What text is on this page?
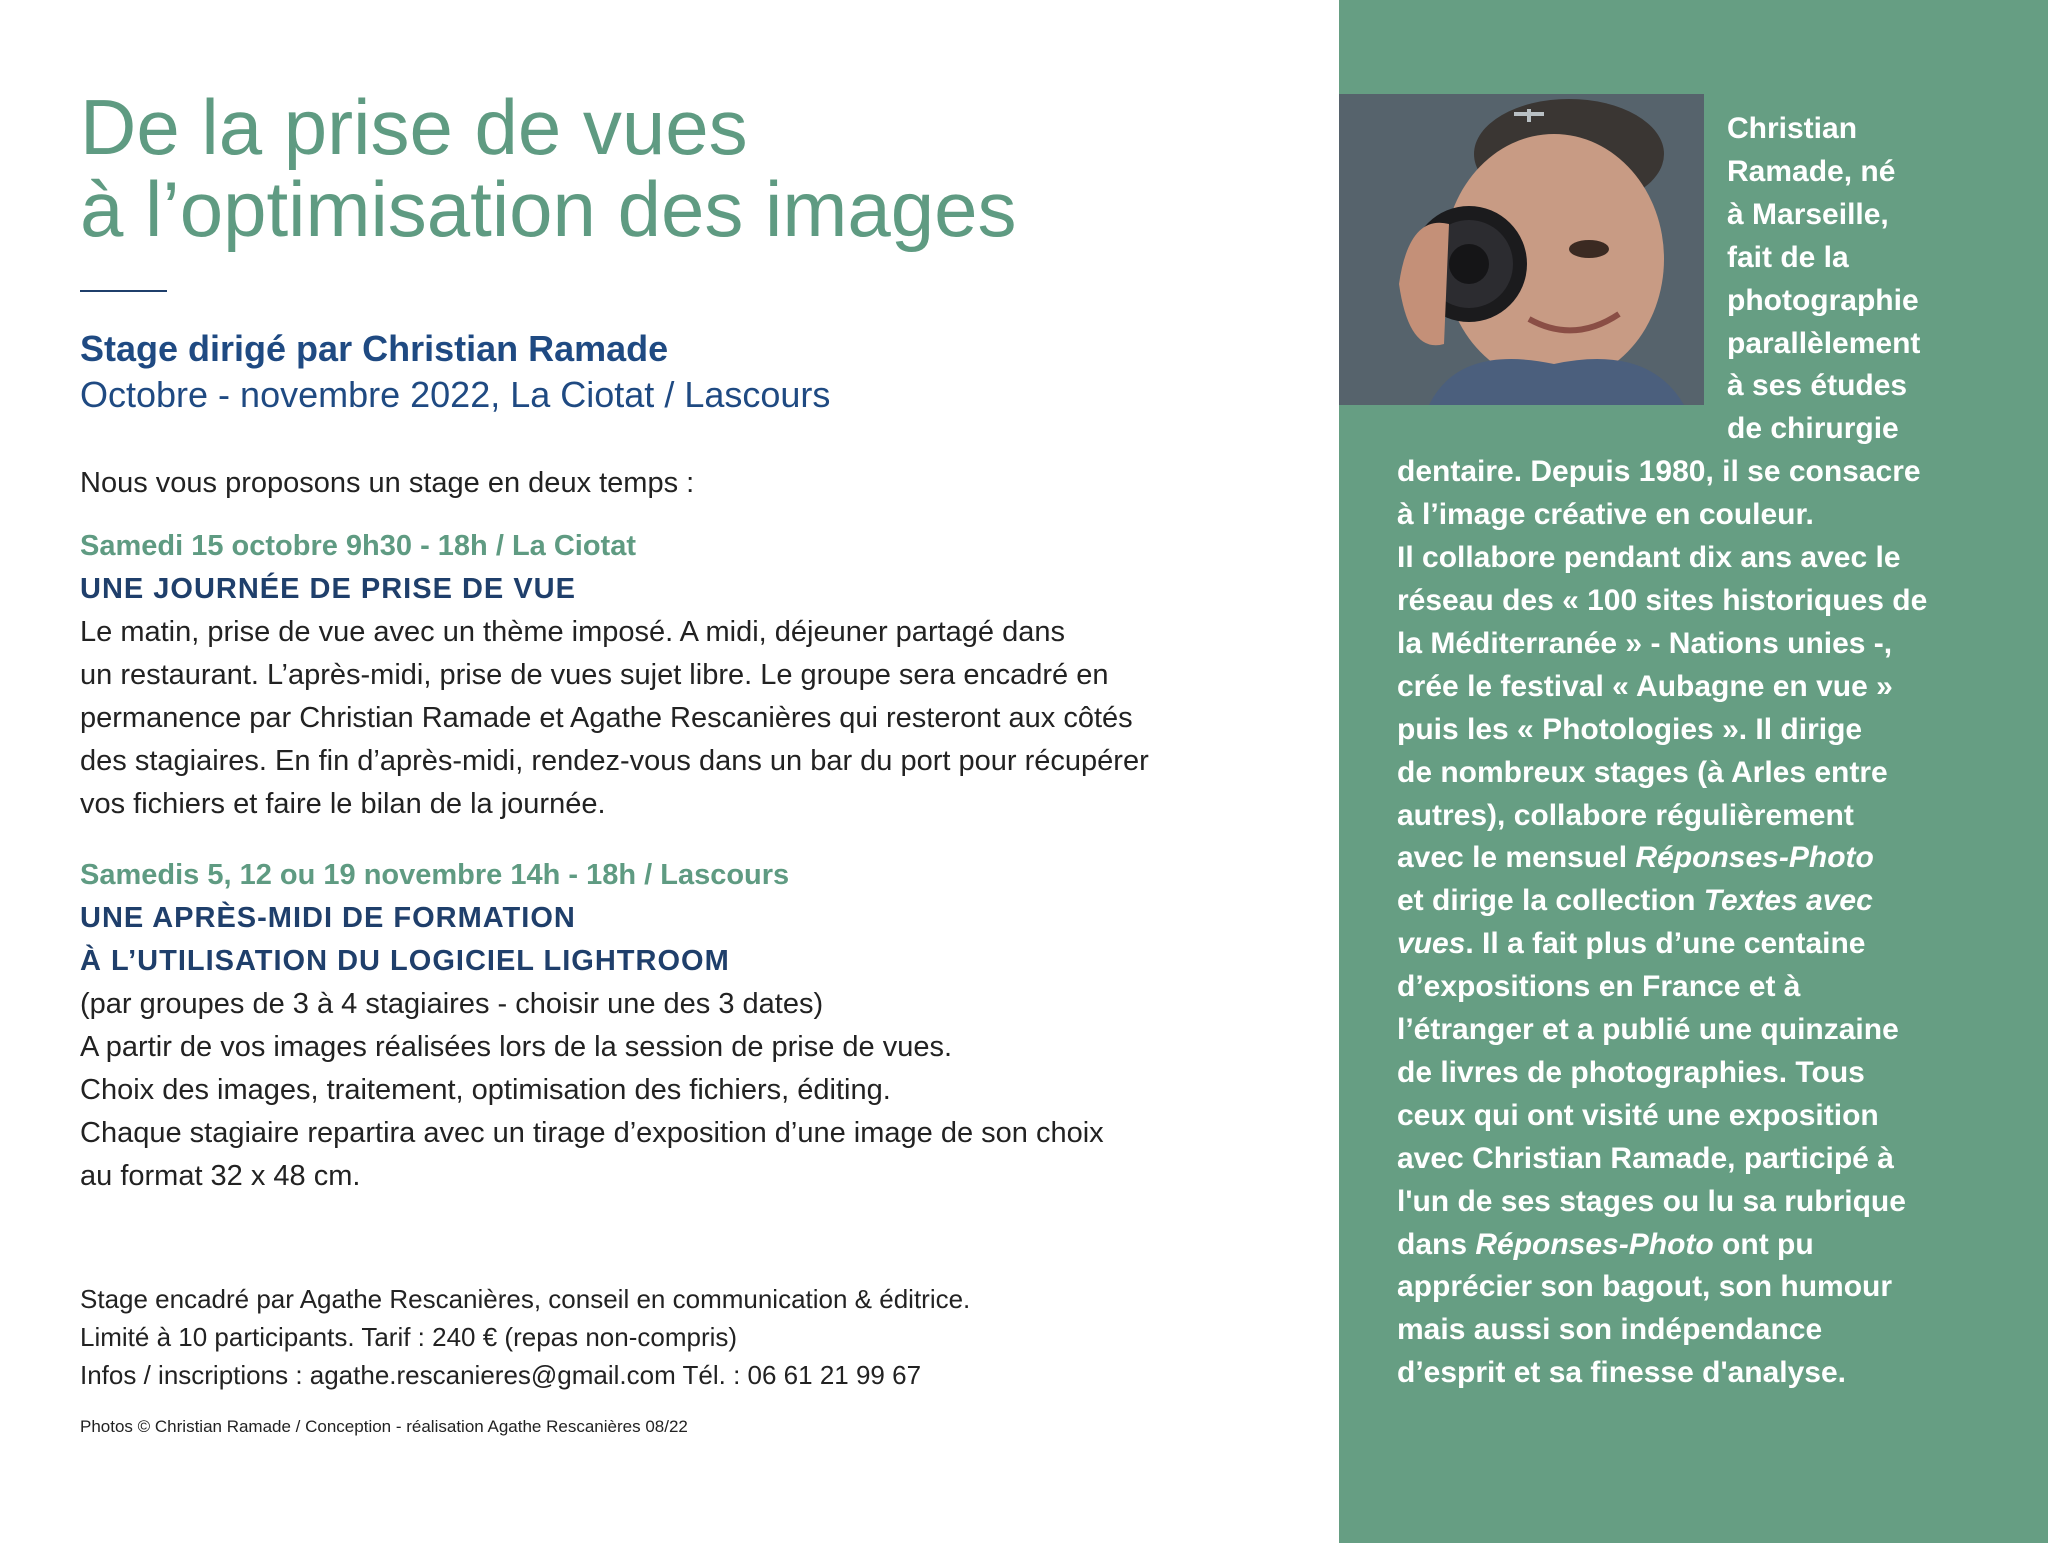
De la prise de vues
à l’optimisation des images
Stage dirigé par Christian Ramade
Octobre - novembre 2022, La Ciotat / Lascours
Nous vous proposons un stage en deux temps :
Samedi 15 octobre 9h30 - 18h / La Ciotat
UNE JOURNÉE DE PRISE DE VUE
Le matin, prise de vue avec un thème imposé. A midi, déjeuner partagé dans
un restaurant. L’après-midi, prise de vues sujet libre. Le groupe sera encadré en
permanence par Christian Ramade et Agathe Rescanières qui resteront aux côtés
des stagiaires. En fin d’après-midi, rendez-vous dans un bar du port pour récupérer
vos fichiers et faire le bilan de la journée.
Samedis 5, 12 ou 19 novembre 14h - 18h / Lascours
UNE APRÈS-MIDI DE FORMATION
À L’UTILISATION DU LOGICIEL LIGHTROOM
(par groupes de 3 à 4 stagiaires - choisir une des 3 dates)
A partir de vos images réalisées lors de la session de prise de vues.
Choix des images, traitement, optimisation des fichiers, éditing.
Chaque stagiaire repartira avec un tirage d’exposition d’une image de son choix
au format 32 x 48 cm.
Stage encadré par Agathe Rescanières, conseil en communication & éditrice.
Limité à 10 participants. Tarif : 240 € (repas non-compris)
Infos / inscriptions : agathe.rescanieres@gmail.com Tél. : 06 61 21 99 67
Photos © Christian Ramade / Conception - réalisation Agathe Rescanières 08/22
Christian
Ramade, né
à Marseille,
fait de la
photographie
parallèlement
à ses études
de chirurgie
dentaire. Depuis 1980, il se consacre
à l’image créative en couleur.
Il collabore pendant dix ans avec le
réseau des « 100 sites historiques de
la Méditerranée » - Nations unies -,
crée le festival « Aubagne en vue »
puis les « Photologies ». Il dirige
de nombreux stages (à Arles entre
autres), collabore régulièrement
avec le mensuel Réponses-Photo
et dirige la collection Textes avec
vues. Il a fait plus d’une centaine
d’expositions en France et à
l’étranger et a publié une quinzaine
de livres de photographies. Tous
ceux qui ont visité une exposition
avec Christian Ramade, participé à
l'un de ses stages ou lu sa rubrique
dans Réponses-Photo ont pu
apprécier son bagout, son humour
mais aussi son indépendance
d’esprit et sa finesse d'analyse.
